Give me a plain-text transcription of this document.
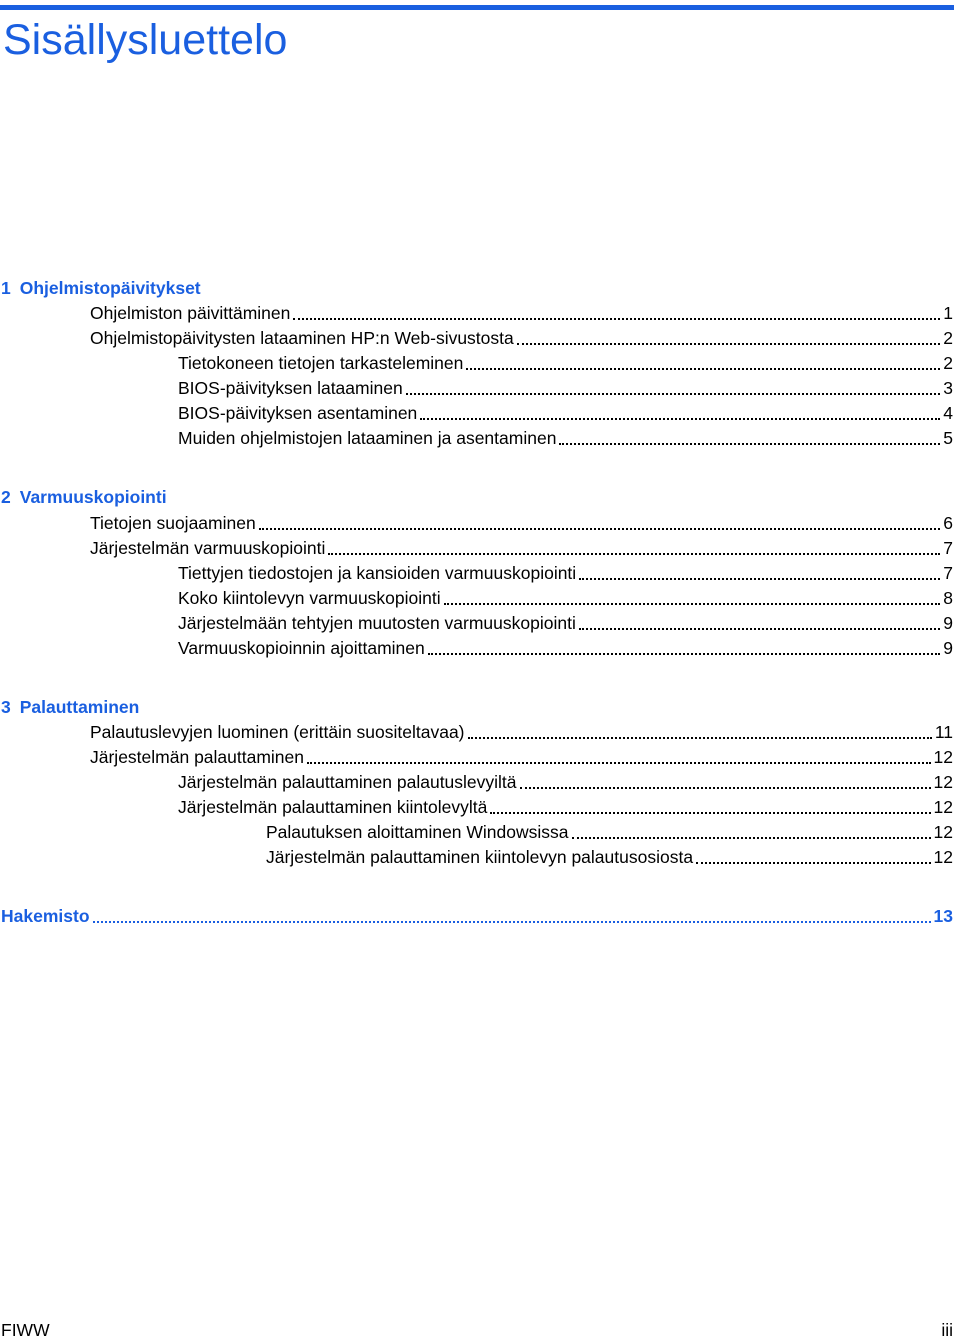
Sisällysluettelo
1 Ohjelmistopäivitykset
Ohjelmiston päivittäminen	1
Ohjelmistopäivitysten lataaminen HP:n Web-sivustosta	2
Tietokoneen tietojen tarkasteleminen	2
BIOS-päivityksen lataaminen	3
BIOS-päivityksen asentaminen	4
Muiden ohjelmistojen lataaminen ja asentaminen	5
2 Varmuuskopiointi
Tietojen suojaaminen	6
Järjestelmän varmuuskopiointi	7
Tiettyjen tiedostojen ja kansioiden varmuuskopiointi	7
Koko kiintolevyn varmuuskopiointi	8
Järjestelmään tehtyjen muutosten varmuuskopiointi	9
Varmuuskopioinnin ajoittaminen	9
3 Palauttaminen
Palautuslevyjen luominen (erittäin suositeltavaa)	11
Järjestelmän palauttaminen	12
Järjestelmän palauttaminen palautuslevyiltä	12
Järjestelmän palauttaminen kiintolevyltä	12
Palautuksen aloittaminen Windowsissa	12
Järjestelmän palauttaminen kiintolevyn palautusosiosta	12
Hakemisto	13
FIWW	iii
